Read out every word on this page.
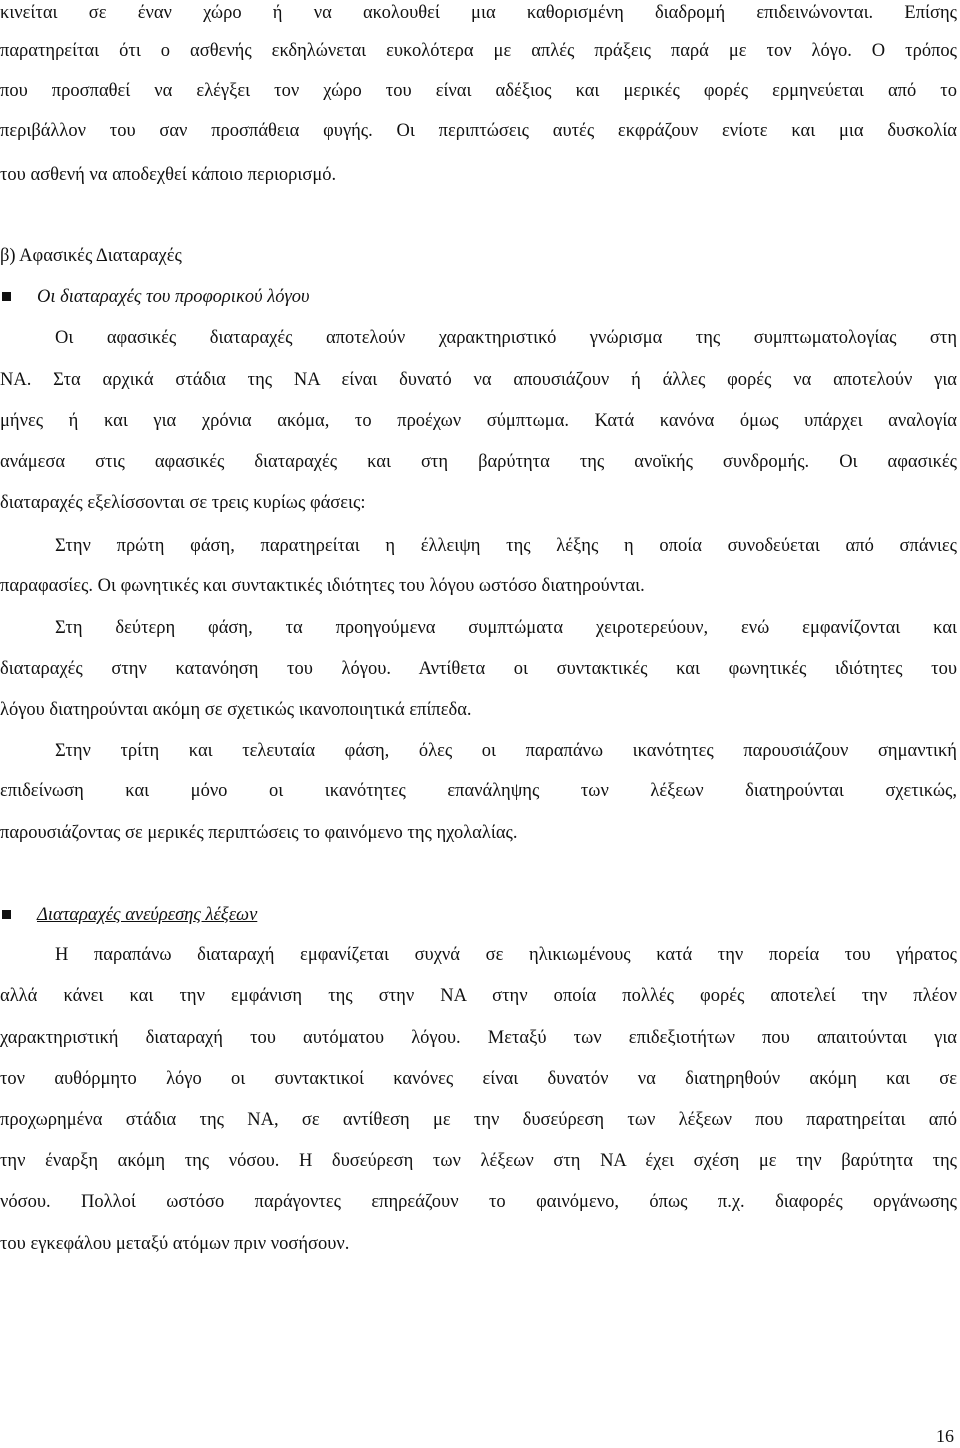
κινείται σε έναν χώρο ή να ακολουθεί μια καθορισμένη διαδρομή επιδεινώνονται. Επίσης

παρατηρείται ότι ο ασθενής εκδηλώνεται ευκολότερα με απλές πράξεις παρά με τον λόγο. Ο τρόπος

που προσπαθεί να ελέγξει τον χώρο του είναι αδέξιος και μερικές φορές ερμηνεύεται από το

περιβάλλον του σαν προσπάθεια φυγής. Οι περιπτώσεις αυτές εκφράζουν ενίοτε και μια δυσκολία

του ασθενή να αποδεχθεί κάποιο περιορισμό.

β) Αφασικές Διαταραχές

Οι διαταραχές του προφορικού λόγου

Οι αφασικές διαταραχές αποτελούν χαρακτηριστικό γνώρισμα της συμπτωματολογίας στη

ΝΑ. Στα αρχικά στάδια της ΝΑ είναι δυνατό να απουσιάζουν ή άλλες φορές να αποτελούν για

μήνες ή και για χρόνια ακόμα, το προέχων σύμπτωμα. Κατά κανόνα όμως υπάρχει αναλογία

ανάμεσα στις αφασικές διαταραχές και στη βαρύτητα της ανοϊκής συνδρομής. Οι αφασικές

διαταραχές εξελίσσονται σε τρεις κυρίως φάσεις:

Στην πρώτη φάση, παρατηρείται η έλλειψη της λέξης η οποία συνοδεύεται από σπάνιες

παραφασίες. Οι φωνητικές και συντακτικές ιδιότητες του λόγου ωστόσο διατηρούνται.

Στη δεύτερη φάση, τα προηγούμενα συμπτώματα χειροτερεύουν, ενώ εμφανίζονται και

διαταραχές στην κατανόηση του λόγου. Αντίθετα οι συντακτικές και φωνητικές ιδιότητες του

λόγου διατηρούνται ακόμη σε σχετικώς ικανοποιητικά επίπεδα.

Στην τρίτη και τελευταία φάση, όλες οι παραπάνω ικανότητες παρουσιάζουν σημαντική

επιδείνωση και μόνο οι ικανότητες επανάληψης των λέξεων διατηρούνται σχετικώς,

παρουσιάζοντας σε μερικές περιπτώσεις το φαινόμενο της ηχολαλίας.

Διαταραχές ανεύρεσης λέξεων

Η παραπάνω διαταραχή εμφανίζεται συχνά σε ηλικιωμένους κατά την πορεία του γήρατος

αλλά κάνει και την εμφάνιση της στην ΝΑ στην οποία πολλές φορές αποτελεί την πλέον

χαρακτηριστική διαταραχή του αυτόματου λόγου. Μεταξύ των επιδεξιοτήτων που απαιτούνται για

τον αυθόρμητο λόγο οι συντακτικοί κανόνες είναι δυνατόν να διατηρηθούν ακόμη και σε

προχωρημένα στάδια της ΝΑ, σε αντίθεση με την δυσεύρεση των λέξεων που παρατηρείται από

την έναρξη ακόμη της νόσου. Η δυσεύρεση των λέξεων στη ΝΑ έχει σχέση με την βαρύτητα της

νόσου. Πολλοί ωστόσο παράγοντες επηρεάζουν το φαινόμενο, όπως π.χ. διαφορές οργάνωσης

του εγκεφάλου μεταξύ ατόμων πριν νοσήσουν.

16
